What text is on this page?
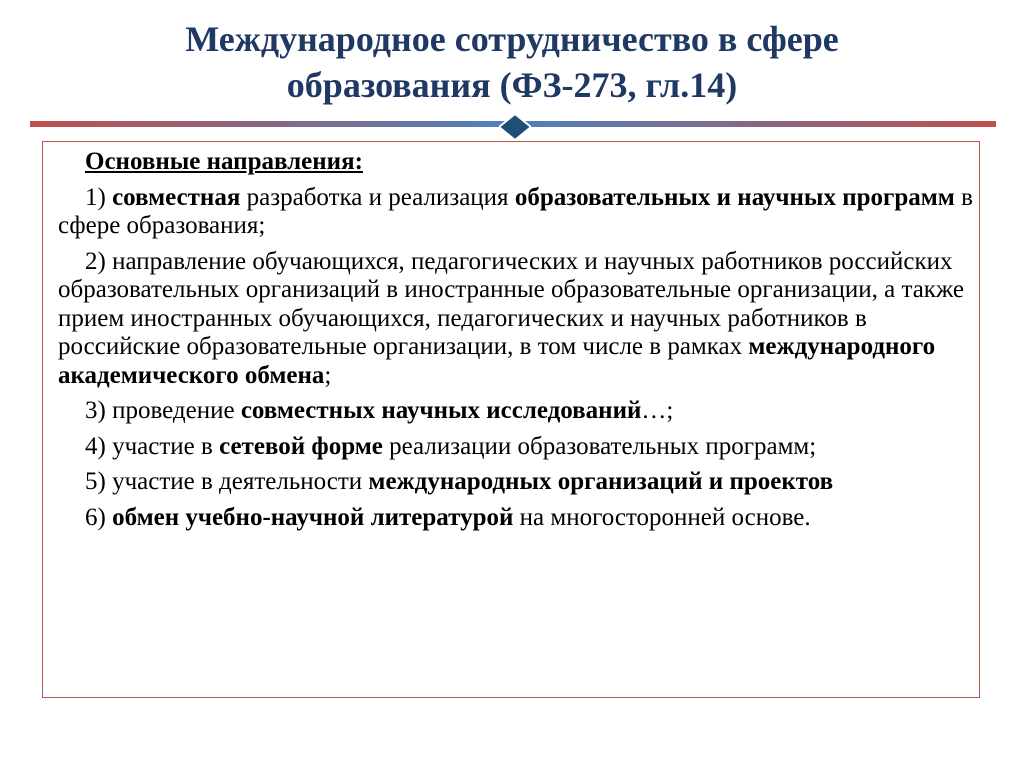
Международное сотрудничество в сфере
образования (ФЗ-273, гл.14)
Основные направления:
1) совместная разработка и реализация образовательных и научных программ в сфере образования;
2) направление обучающихся, педагогических и научных работников российских образовательных организаций в иностранные образовательные организации, а также прием иностранных обучающихся, педагогических и научных работников в российские образовательные организации, в том числе в рамках международного академического обмена;
3) проведение совместных научных исследований…;
4) участие в сетевой форме реализации образовательных программ;
5) участие в деятельности международных организаций и проектов
6) обмен учебно-научной литературой на многосторонней основе.
